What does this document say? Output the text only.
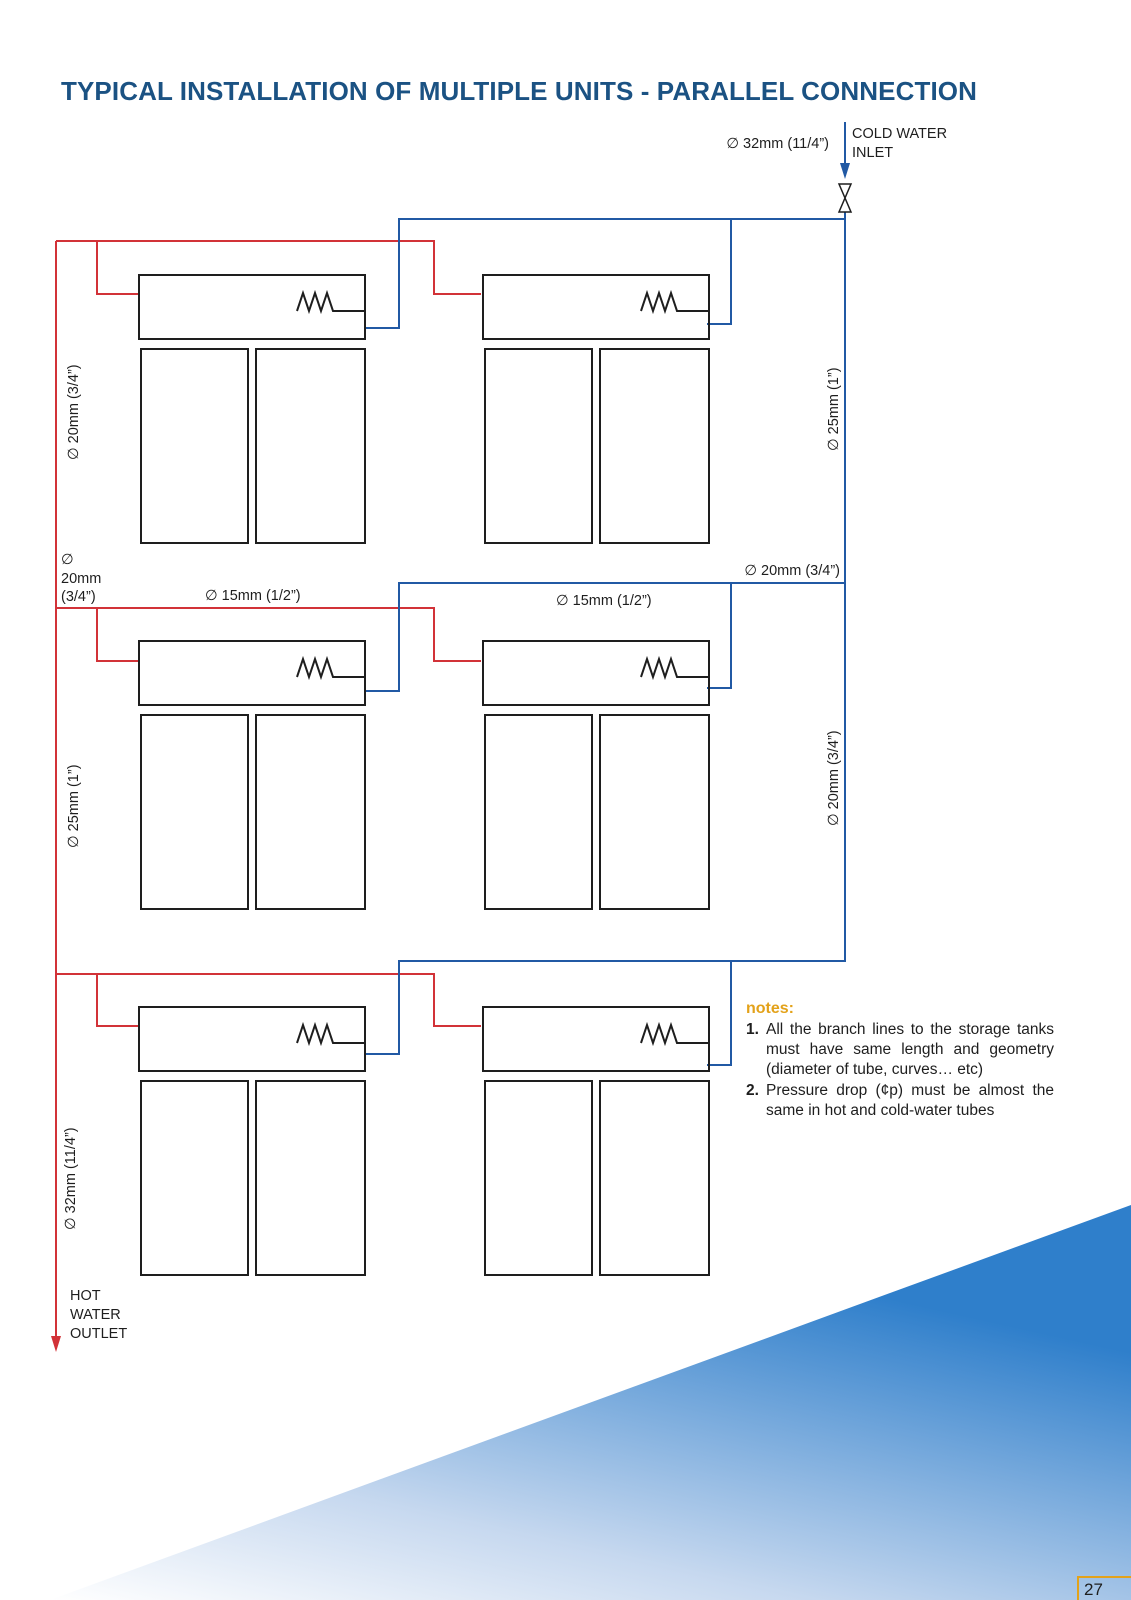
TYPICAL INSTALLATION OF MULTIPLE UNITS - PARALLEL CONNECTION
∅ 32mm (11/4”)
COLD WATER
INLET
HOT
WATER
OUTLET
∅ 20mm (3/4”)
∅
20mm
(3/4”)	∅ 15mm (1/2”)	∅ 15mm (1/2”)
∅ 25mm (1”)
∅ 32mm (11/4”)
∅ 25mm (1”)
∅ 20mm (3/4”)
∅ 20mm (3/4”)
notes:
1. All the branch lines to the storage tanks must have same length and geometry (diameter of tube, curves… etc)
2. Pressure drop (¢p) must be almost the same in hot and cold-water tubes
27
